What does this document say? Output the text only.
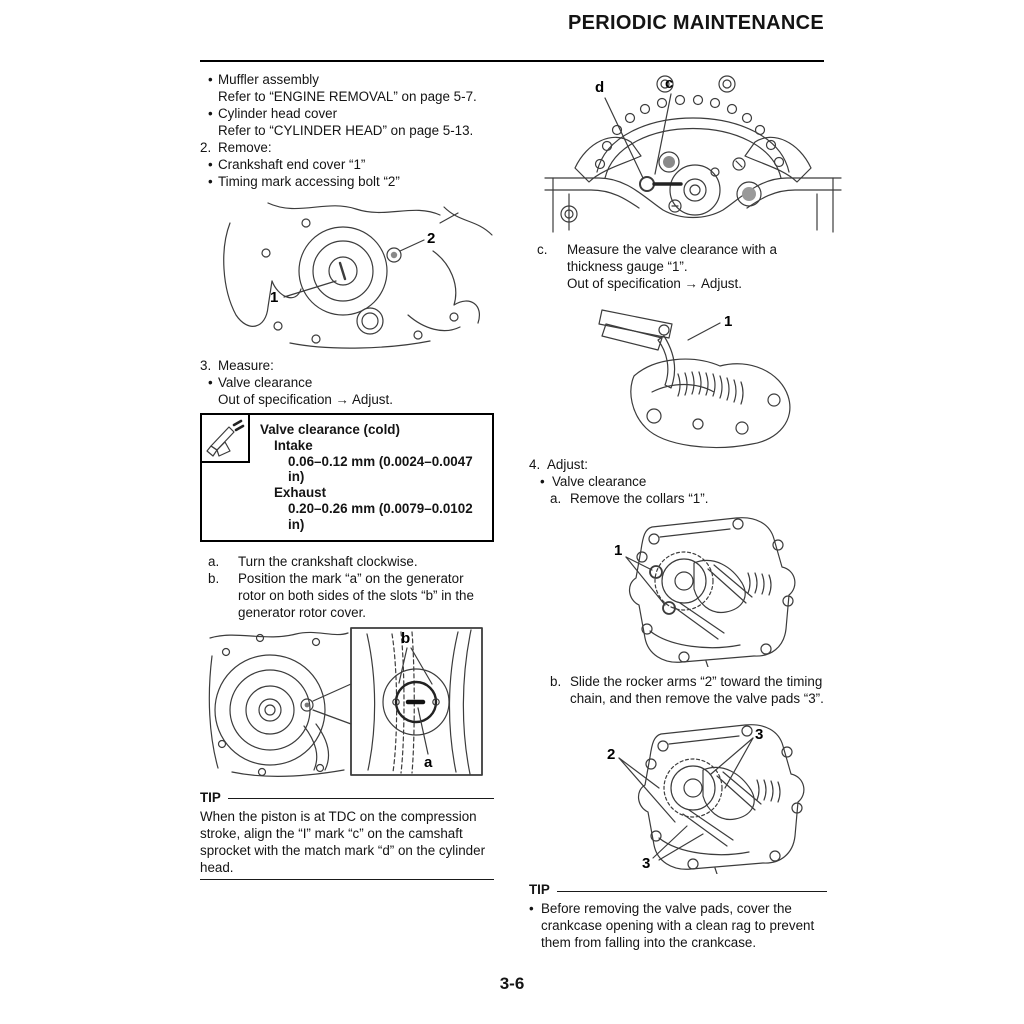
PERIODIC MAINTENANCE
• Muffler assembly
Refer to “ENGINE REMOVAL” on page 5-7.
• Cylinder head cover
Refer to “CYLINDER HEAD” on page 5-13.
2. Remove:
• Crankshaft end cover “1”
• Timing mark accessing bolt “2”
1
2
3. Measure:
• Valve clearance
Out of specification → Adjust.
Valve clearance (cold)
Intake
0.06–0.12 mm (0.0024–0.0047 in)
Exhaust
0.20–0.26 mm (0.0079–0.0102 in)
a.	Turn the crankshaft clockwise.
b.	Position the mark “a” on the generator rotor on both sides of the slots “b” in the generator rotor cover.
b
a
TIP
When the piston is at TDC on the compression stroke, align the “I” mark “c” on the camshaft sprocket with the match mark “d” on the cylinder head.
d	c
c.	Measure the valve clearance with a thickness gauge “1”.
Out of specification → Adjust.
1
4. Adjust:
• Valve clearance
a. Remove the collars “1”.
1
b. Slide the rocker arms “2” toward the timing chain, and then remove the valve pads “3”.
2
3
3
TIP
• Before removing the valve pads, cover the crankcase opening with a clean rag to prevent them from falling into the crankcase.
3-6
